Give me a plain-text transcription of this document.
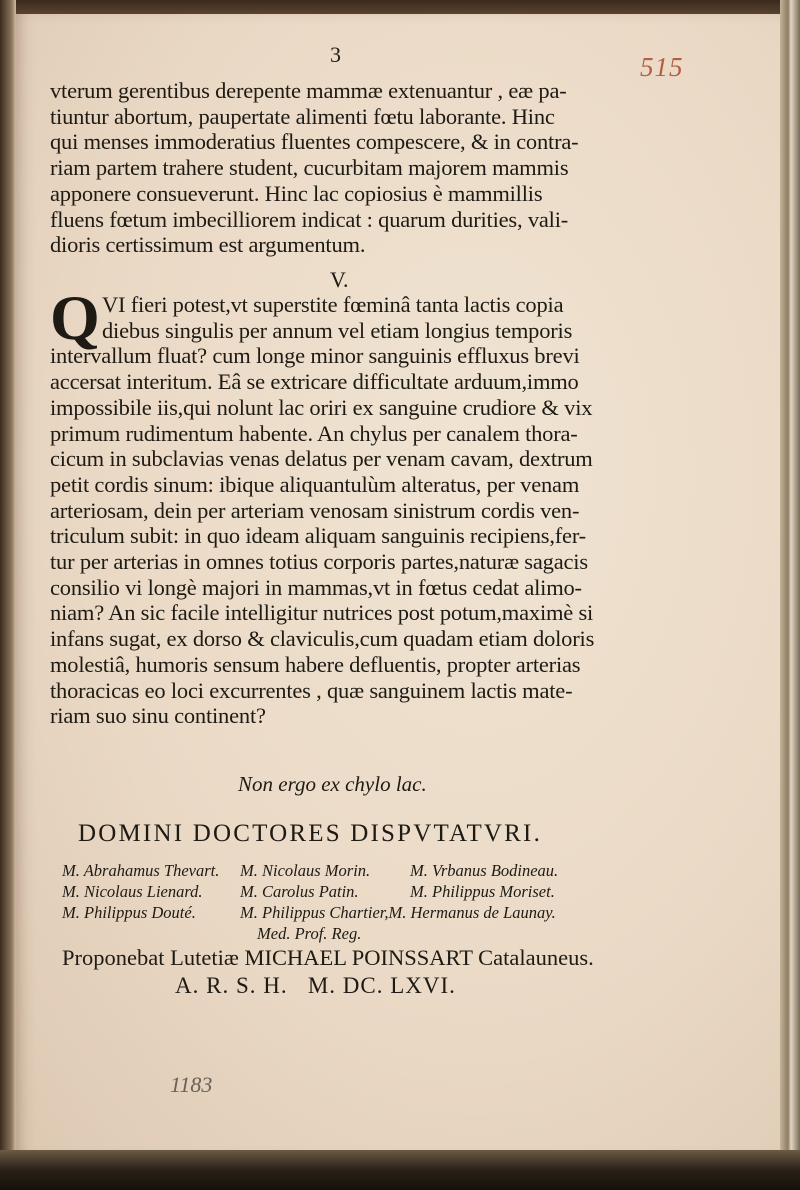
3	515
vterum gerentibus derepente mammæ extenuantur , eæ pa-
tiuntur abortum, paupertate alimenti fœtu laborante. Hinc
qui menses immoderatius fluentes compescere, & in contra-
riam partem trahere student, cucurbitam majorem mammis
apponere consueverunt. Hinc lac copiosius è mammillis
fluens fœtum imbecilliorem indicat : quarum durities, vali-
dioris certissimum est argumentum.
V.
Q VI fieri potest,vt superstite fœminâ tanta lactis copia
diebus singulis per annum vel etiam longius temporis
intervallum fluat? cum longe minor sanguinis effluxus brevi
accersat interitum. Eâ se extricare difficultate arduum,immo
impossibile iis,qui nolunt lac oriri ex sanguine crudiore & vix
primum rudimentum habente. An chylus per canalem thora-
cicum in subclavias venas delatus per venam cavam, dextrum
petit cordis sinum: ibique aliquantulùm alteratus, per venam
arteriosam, dein per arteriam venosam sinistrum cordis ven-
triculum subit: in quo ideam aliquam sanguinis recipiens,fer-
tur per arterias in omnes totius corporis partes,naturæ sagacis
consilio vi longè majori in mammas,vt in fœtus cedat alimo-
niam? An sic facile intelligitur nutrices post potum,maximè si
infans sugat, ex dorso & claviculis,cum quadam etiam doloris
molestiâ, humoris sensum habere defluentis, propter arterias
thoracicas eo loci excurrentes , quæ sanguinem lactis mate-
riam suo sinu continent?
Non ergo ex chylo lac.
DOMINI DOCTORES DISPVTATVRI.
M. Abrahamus Thevart. M. Nicolaus Morin. M. Vrbanus Bodineau.
M. Nicolaus Lienard. M. Carolus Patin.	M. Philippus Moriset.
M. Philippus Douté.	M. Philippus Chartier,M. Hermanus de Launay.
Med. Prof. Reg.
Proponebat Lutetiæ MICHAEL POINSSART Catalauneus.
A. R. S. H.   M. DC. LXVI.
1183
